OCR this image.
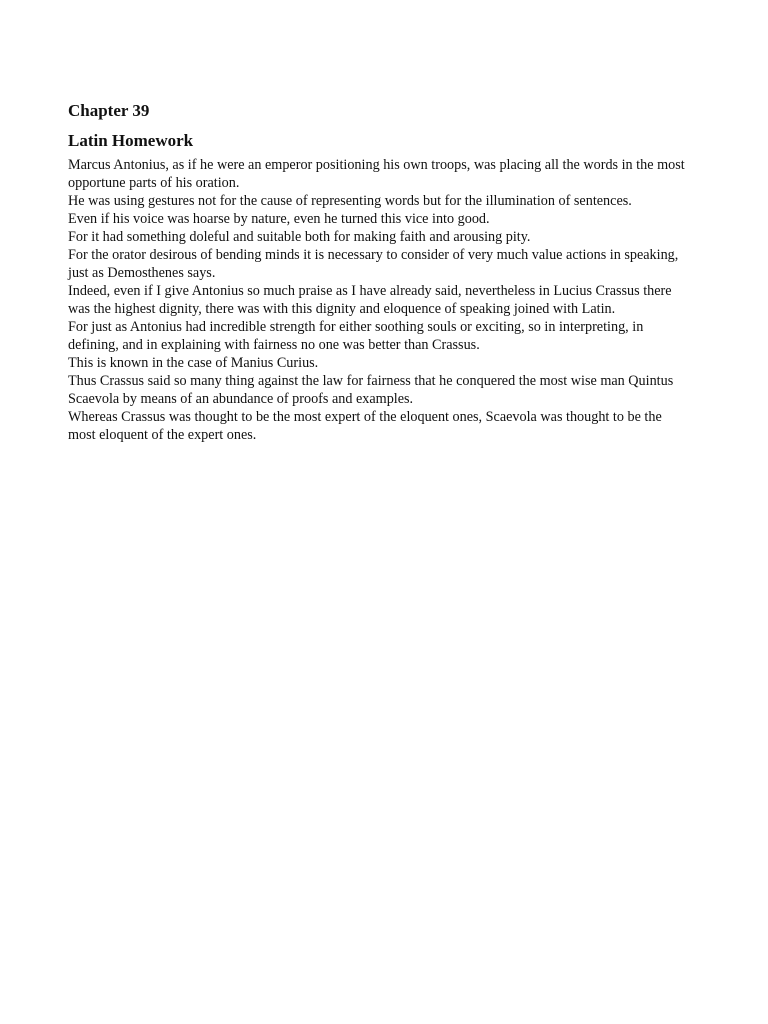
Chapter 39
Latin Homework

Marcus Antonius, as if he were an emperor positioning his own troops, was placing all the words in the most opportune parts of his oration.

He was using gestures not for the cause of representing words but for the illumination of sentences.

Even if his voice was hoarse by nature, even he turned this vice into good.

For it had something doleful and suitable both for making faith and arousing pity.

For the orator desirous of bending minds it is necessary to consider of very much value actions in speaking, just as Demosthenes says.

Indeed, even if I give Antonius so much praise as I have already said, nevertheless in Lucius Crassus there was the highest dignity, there was with this dignity and eloquence of speaking joined with Latin.

For just as Antonius had incredible strength for either soothing souls or exciting, so in interpreting, in defining, and in explaining with fairness no one was better than Crassus.

This is known in the case of Manius Curius.

Thus Crassus said so many thing against the law for fairness that he conquered the most wise man Quintus Scaevola by means of an abundance of proofs and examples.

Whereas Crassus was thought to be the most expert of the eloquent ones, Scaevola was thought to be the most eloquent of the expert ones.
